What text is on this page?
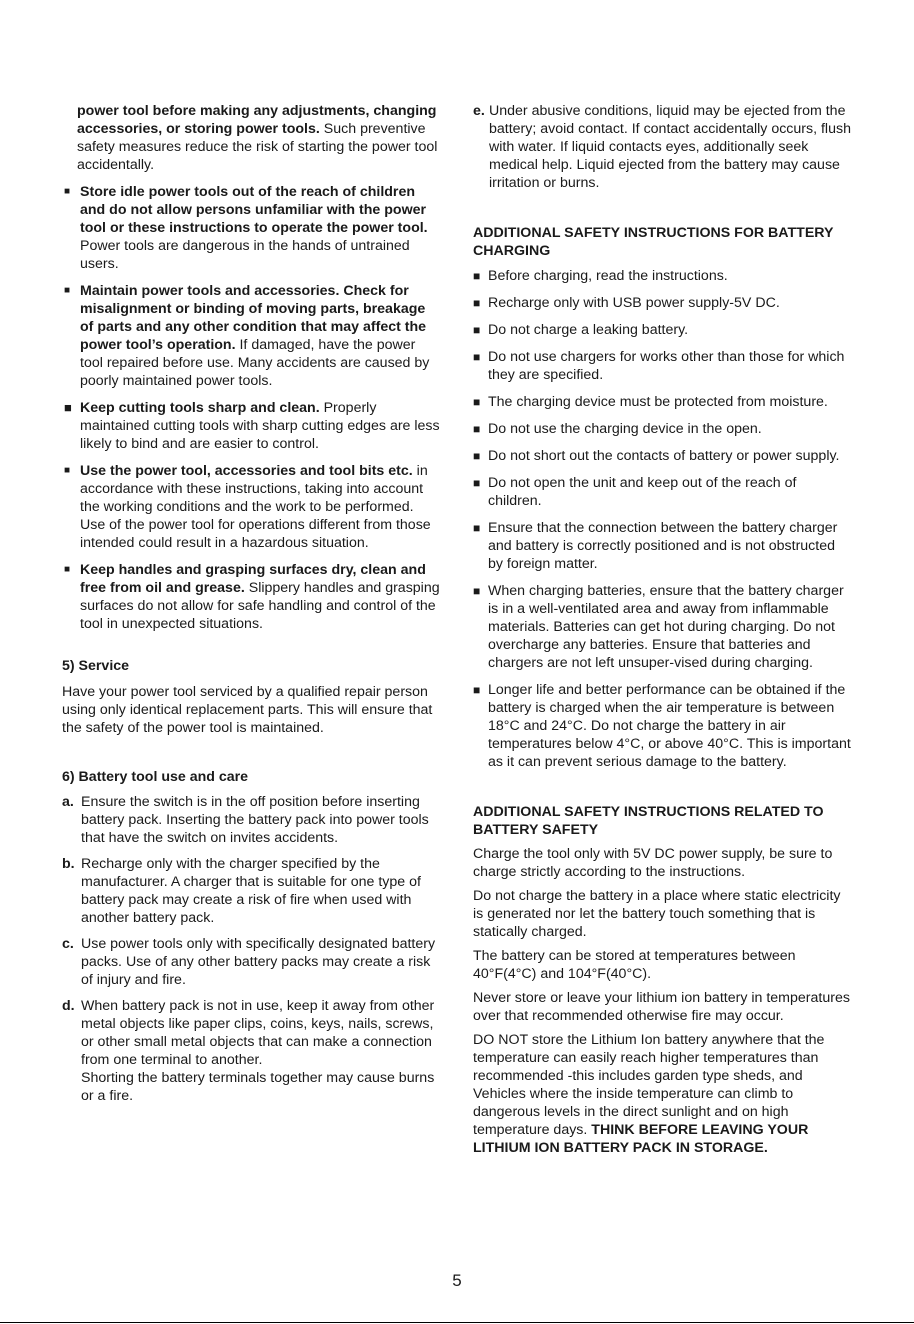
power tool before making any adjustments, changing accessories, or storing power tools. Such preventive safety measures reduce the risk of starting the power tool accidentally.

■ Store idle power tools out of the reach of children and do not allow persons unfamiliar with the power tool or these instructions to operate the power tool. Power tools are dangerous in the hands of untrained users.
■ Maintain power tools and accessories. Check for misalignment or binding of moving parts, breakage of parts and any other condition that may affect the power tool’s operation. If damaged, have the power tool repaired before use. Many accidents are caused by poorly maintained power tools.
■ Keep cutting tools sharp and clean. Properly maintained cutting tools with sharp cutting edges are less likely to bind and are easier to control.
■ Use the power tool, accessories and tool bits etc. in accordance with these instructions, taking into account the working conditions and the work to be performed. Use of the power tool for operations different from those intended could result in a hazardous situation.
■ Keep handles and grasping surfaces dry, clean and free from oil and grease. Slippery handles and grasping surfaces do not allow for safe handling and control of the tool in unexpected situations.

5) Service

Have your power tool serviced by a qualified repair person using only identical replacement parts. This will ensure that the safety of the power tool is maintained.

6) Battery tool use and care

a. Ensure the switch is in the off position before inserting battery pack. Inserting the battery pack into power tools that have the switch on invites accidents.
b. Recharge only with the charger specified by the manufacturer. A charger that is suitable for one type of battery pack may create a risk of fire when used with another battery pack.
c. Use power tools only with specifically designated battery packs. Use of any other battery packs may create a risk of injury and fire.
d. When battery pack is not in use, keep it away from other metal objects like paper clips, coins, keys, nails, screws, or other small metal objects that can make a connection from one terminal to another.

Shorting the battery terminals together may cause burns or a fire.

e. Under abusive conditions, liquid may be ejected from the battery; avoid contact. If contact accidentally occurs, flush with water. If liquid contacts eyes, additionally seek medical help. Liquid ejected from the battery may cause irritation or burns.

ADDITIONAL SAFETY INSTRUCTIONS FOR BATTERY CHARGING

■ Before charging, read the instructions.
■ Recharge only with USB power supply-5V DC.
■ Do not charge a leaking battery.
■ Do not use chargers for works other than those for which they are specified.
■ The charging device must be protected from moisture.
■ Do not use the charging device in the open.
■ Do not short out the contacts of battery or power supply.
■ Do not open the unit and keep out of the reach of children.
■ Ensure that the connection between the battery charger and battery is correctly positioned and is not obstructed by foreign matter.
■ When charging batteries, ensure that the battery charger is in a well-ventilated area and away from inflammable materials. Batteries can get hot during charging. Do not overcharge any batteries. Ensure that batteries and chargers are not left unsuper-vised during charging.
■ Longer life and better performance can be obtained if the battery is charged when the air temperature is between 18°C and 24°C. Do not charge the battery in air temperatures below 4°C, or above 40°C. This is important as it can prevent serious damage to the battery.

ADDITIONAL SAFETY INSTRUCTIONS RELATED TO BATTERY SAFETY

Charge the tool only with 5V DC power supply, be sure to charge strictly according to the instructions.

Do not charge the battery in a place where static electricity is generated nor let the battery touch something that is statically charged.

The battery can be stored at temperatures between 40°F(4°C) and 104°F(40°C).

Never store or leave your lithium ion battery in temperatures over that recommended otherwise fire may occur.

DO NOT store the Lithium Ion battery anywhere that the temperature can easily reach higher temperatures than recommended -this includes garden type sheds, and Vehicles where the inside temperature can climb to dangerous levels in the direct sunlight and on high temperature days. THINK BEFORE LEAVING YOUR LITHIUM ION BATTERY PACK IN STORAGE.

5
